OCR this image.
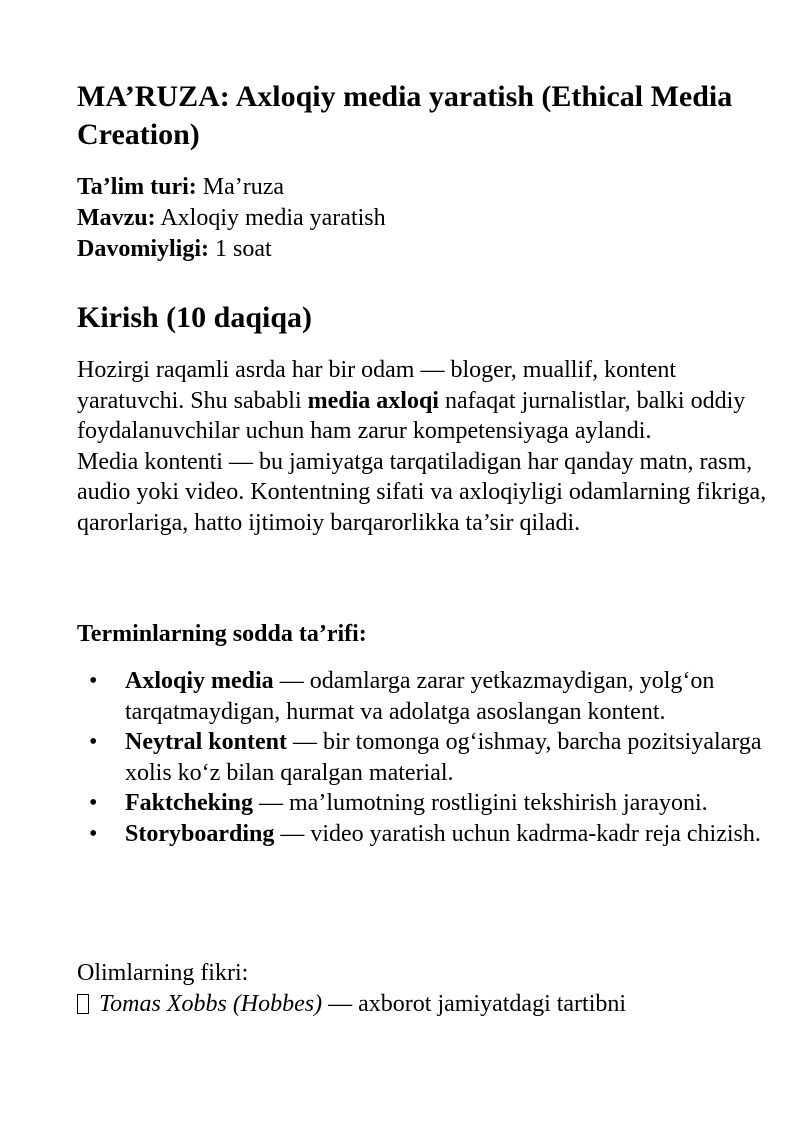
MA’RUZA: Axloqiy media yaratish (Ethical Media Creation)
Ta’lim turi: Ma’ruza
Mavzu: Axloqiy media yaratish
Davomiyligi: 1 soat
Kirish (10 daqiqa)
Hozirgi raqamli asrda har bir odam — bloger, muallif, kontent yaratuvchi. Shu sababli media axloqi nafaqat jurnalistlar, balki oddiy foydalanuvchilar uchun ham zarur kompetensiyaga aylandi.
Media kontenti — bu jamiyatga tarqatiladigan har qanday matn, rasm, audio yoki video. Kontentning sifati va axloqiyligi odamlarning fikriga, qarorlariga, hatto ijtimoiy barqarorlikka ta’sir qiladi.
Terminlarning sodda ta’rifi:
• Axloqiy media — odamlarga zarar yetkazmaydigan, yolg‘on tarqatmaydigan, hurmat va adolatga asoslangan kontent.
• Neytral kontent — bir tomonga og‘ishmay, barcha pozitsiyalarga xolis ko‘z bilan qaralgan material.
• Faktcheking — ma’lumotning rostligini tekshirish jarayoni.
• Storyboarding — video yaratish uchun kadrma-kadr reja chizish.
Olimlarning fikri:
Tomas Xobbs (Hobbes) — axborot jamiyatdagi tartibni
